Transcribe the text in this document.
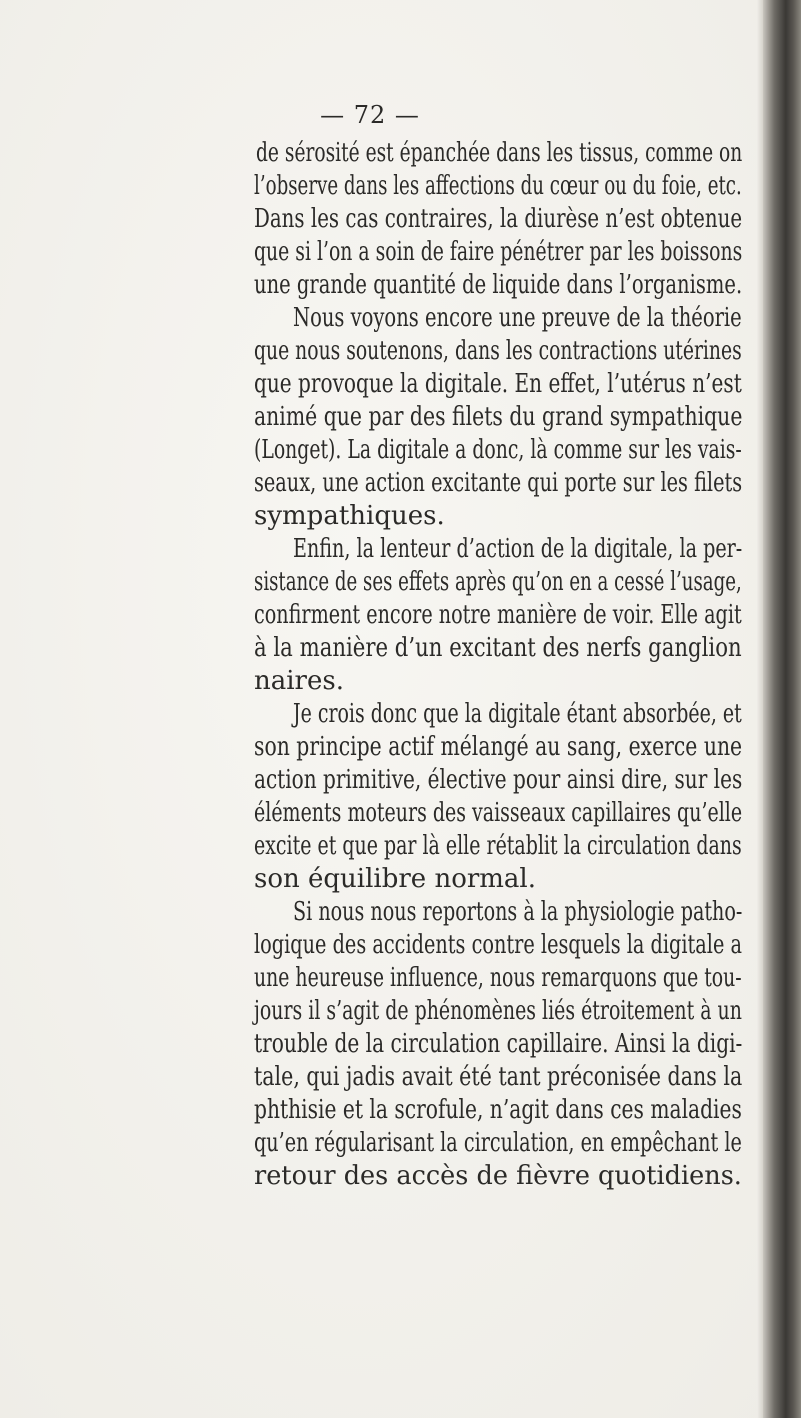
— 72 —
de sérosité est épanchée dans les tissus, comme on
l’observe dans les affections du cœur ou du foie, etc.
Dans les cas contraires, la diurèse n’est obtenue
que si l’on a soin de faire pénétrer par les boissons
une grande quantité de liquide dans l’organisme.
Nous voyons encore une preuve de la théorie
que nous soutenons, dans les contractions utérines
que provoque la digitale. En effet, l’utérus n’est
animé que par des filets du grand sympathique
(Longet). La digitale a donc, là comme sur les vais-
seaux, une action excitante qui porte sur les filets
sympathiques.
Enfin, la lenteur d’action de la digitale, la per-
sistance de ses effets après qu’on en a cessé l’usage,
confirment encore notre manière de voir. Elle agit
à la manière d’un excitant des nerfs ganglion
naires.
Je crois donc que la digitale étant absorbée, et
son principe actif mélangé au sang, exerce une
action primitive, élective pour ainsi dire, sur les
éléments moteurs des vaisseaux capillaires qu’elle
excite et que par là elle rétablit la circulation dans
son équilibre normal.
Si nous nous reportons à la physiologie patho-
logique des accidents contre lesquels la digitale a
une heureuse influence, nous remarquons que tou-
jours il s’agit de phénomènes liés étroitement à un
trouble de la circulation capillaire. Ainsi la digi-
tale, qui jadis avait été tant préconisée dans la
phthisie et la scrofule, n’agit dans ces maladies
qu’en régularisant la circulation, en empêchant le
retour des accès de fièvre quotidiens.
